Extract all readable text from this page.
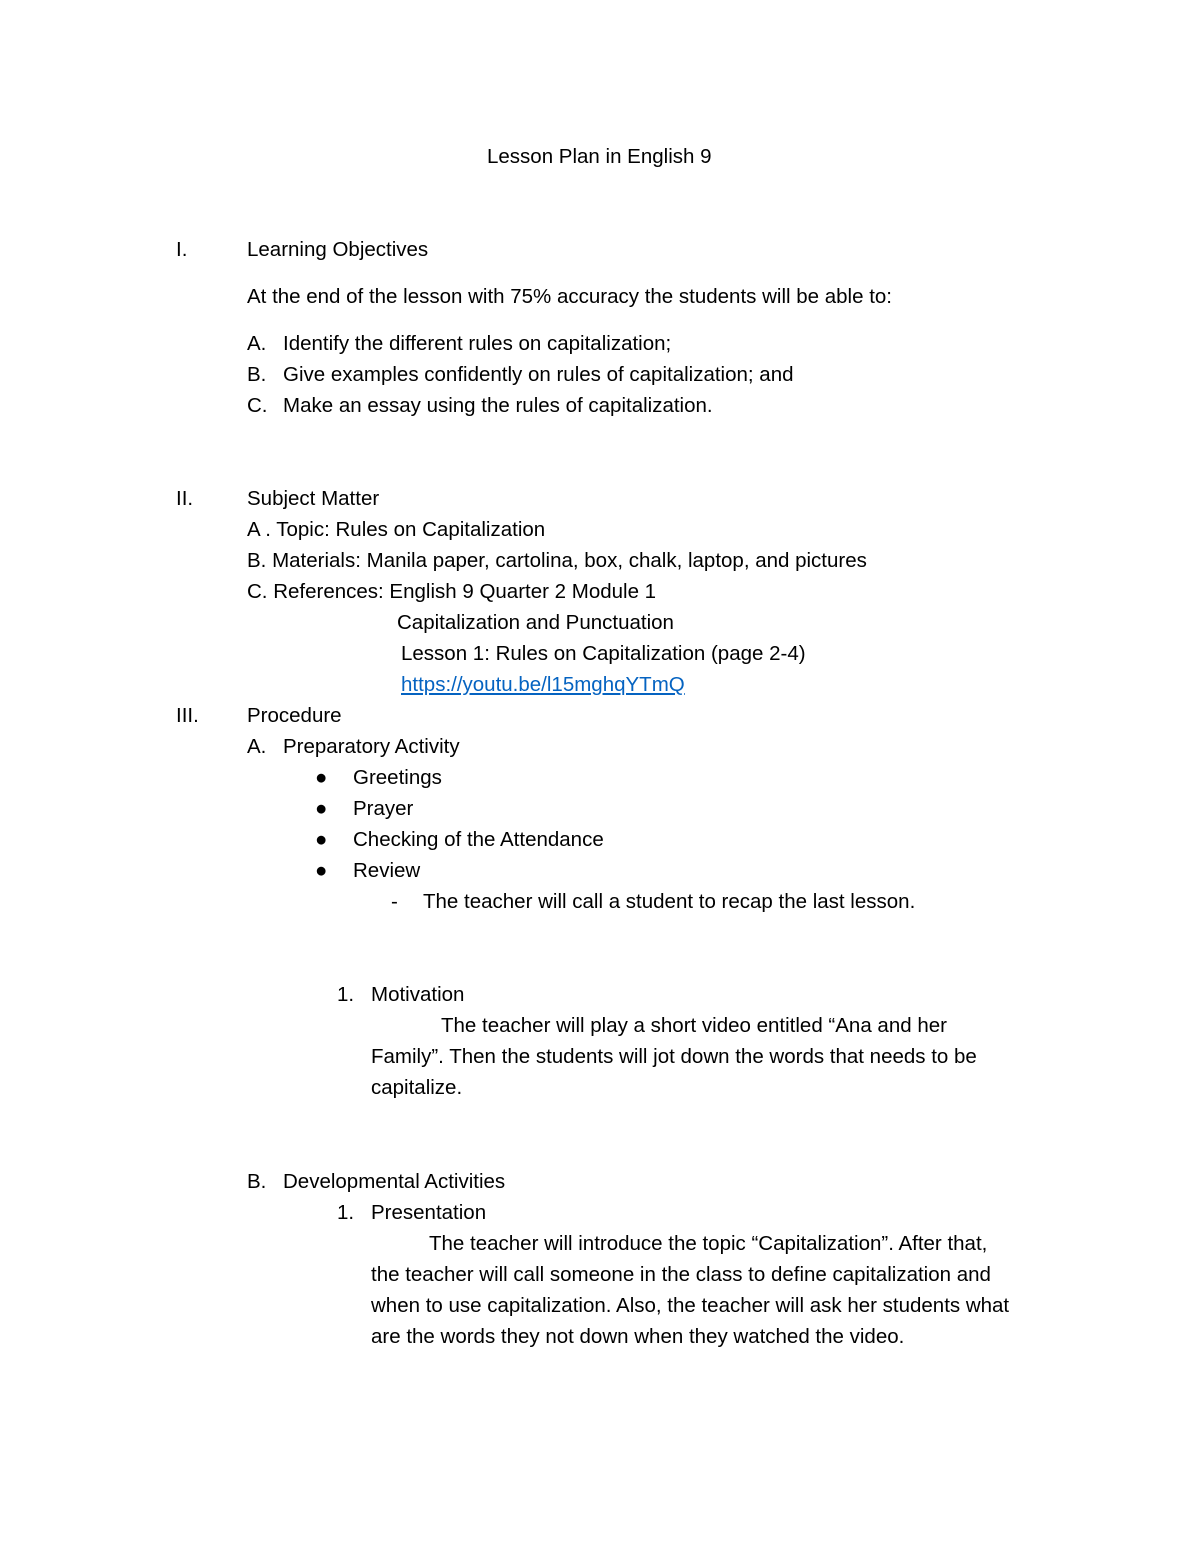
Lesson Plan in English 9
I.	Learning Objectives
At the end of the lesson with 75% accuracy the students will be able to:
A. Identify the different rules on capitalization;
B. Give examples confidently on rules of capitalization; and
C. Make an essay using the rules of capitalization.
II.	Subject Matter
A . Topic: Rules on Capitalization
B. Materials: Manila paper, cartolina, box, chalk, laptop, and pictures
C. References: English 9 Quarter 2 Module 1
Capitalization and Punctuation
Lesson 1: Rules on Capitalization (page 2-4)
https://youtu.be/l15mghqYTmQ
III. Procedure
A. Preparatory Activity
● Greetings
● Prayer
● Checking of the Attendance
● Review
- The teacher will call a student to recap the last lesson.
1. Motivation
The teacher will play a short video entitled “Ana and her
Family”. Then the students will jot down the words that needs to be
capitalize.
B. Developmental Activities
1. Presentation
The teacher will introduce the topic “Capitalization”. After that,
the teacher will call someone in the class to define capitalization and
when to use capitalization. Also, the teacher will ask her students what
are the words they not down when they watched the video.
